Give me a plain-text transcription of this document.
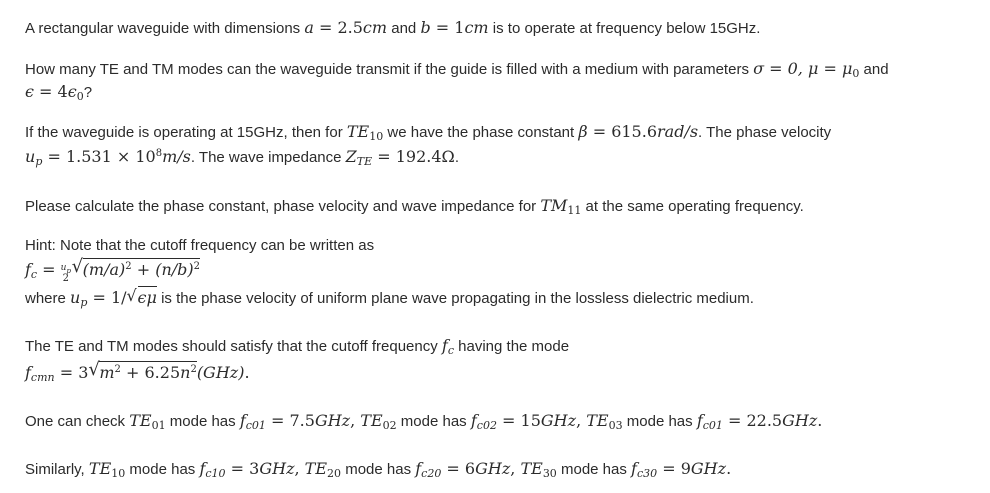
A rectangular waveguide with dimensions a = 2.5cm and b = 1cm is to operate at frequency below 15GHz.
How many TE and TM modes can the waveguide transmit if the guide is filled with a medium with parameters σ = 0, $\mu = \mu_0$ and
$\epsilon = 4\epsilon_0$?
If the waveguide is operating at 15GHz, then for $TE_{10}$ we have the phase constant β = 615.6rad/s. The phase velocity
$u_p = 1.531 \times 10^8m/s$. The wave impedance $Z_{TE} = 192.4\Omega$.
Please calculate the phase constant, phase velocity and wave impedance for $TM_{11}$ at the same operating frequency.
Hint: Note that the cutoff frequency can be written as
$f_c = u_p$
2
√ $(m/a)^2 + (n/b)^2$
where $u_p = 1/$ √ ϵμ is the phase velocity of uniform plane wave propagating in the lossless dielectric medium.
The TE and TM modes should satisfy that the cutoff frequency $f_c$ having the mode
$f_{cmn} = 3$ √ $m^2 + 6.25n^2(GHz)$.
One can check $TE_{01}$ mode has $f_{c01} = 7.5GHz$, $TE_{02}$ mode has $f_{c02} = 15GHz$, $TE_{03}$ mode has $f_{c01} = 22.5GHz$.
Similarly, $TE_{10}$ mode has $f_{c10} = 3GHz$, $TE_{20}$ mode has $f_{c20} = 6GHz$, $TE_{30}$ mode has $f_{c30} = 9GHz$.
